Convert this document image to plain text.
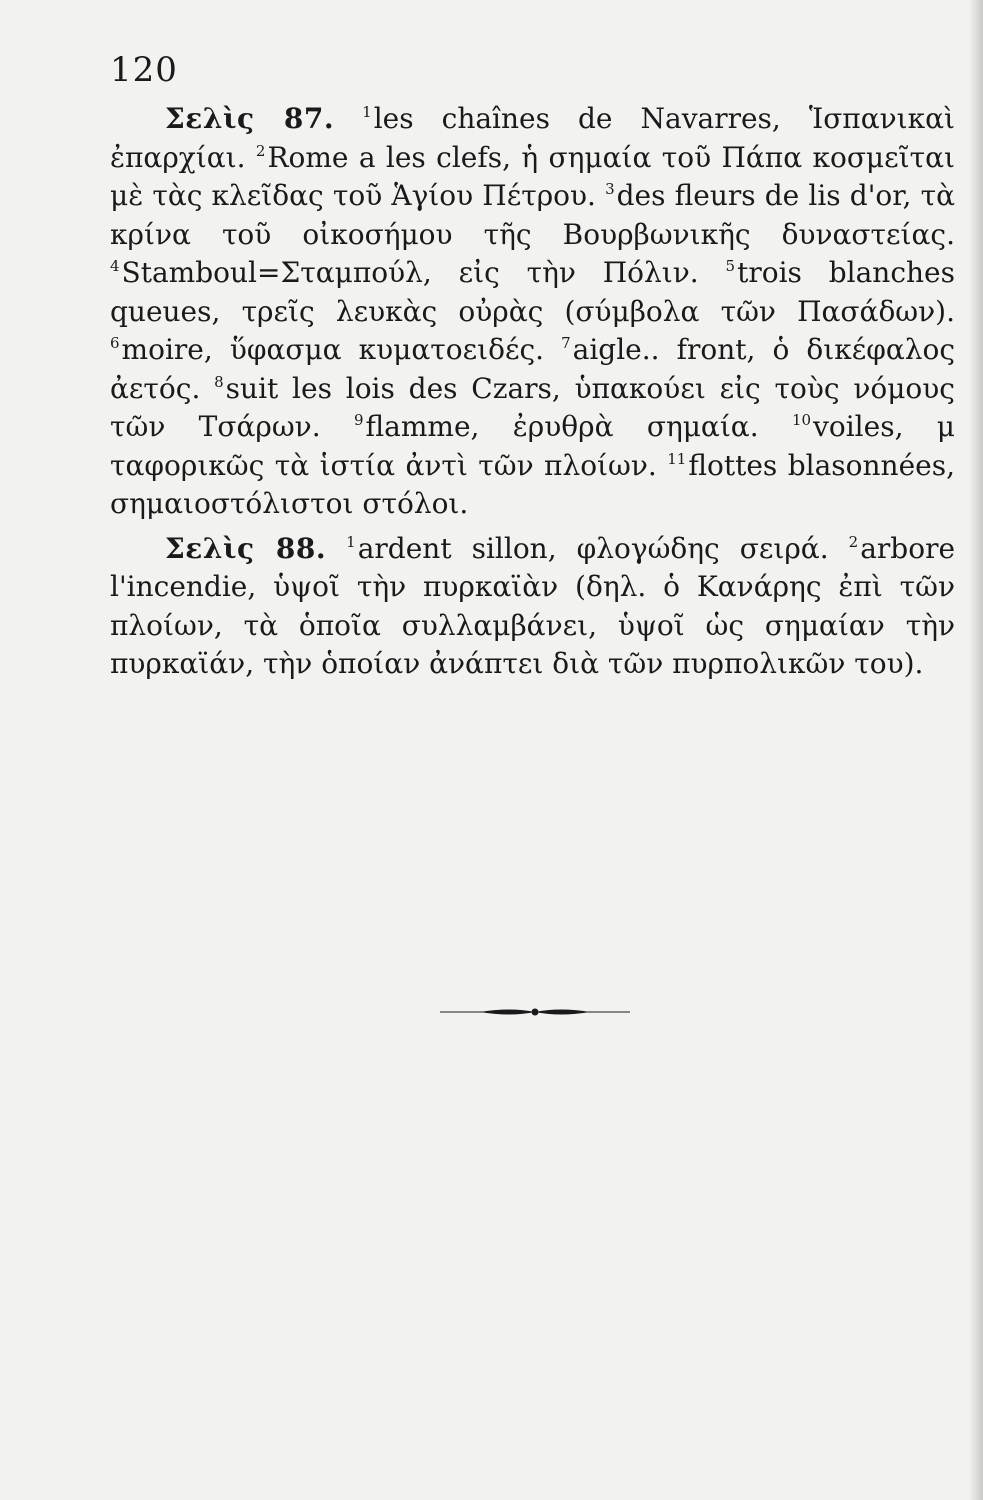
120

Σελὶς 87. $^1$les chaînes de Navarres, Ἱσπανικαὶ ἐπαρχίαι. $^2$Rome a les clefs, ἡ σημαία τοῦ Πάπα κοσμεῖται μὲ τὰς κλεῖδας τοῦ Ἁγίου Πέτρου. $^3$des fleurs de lis d'or, τὰ κρίνα τοῦ οἰκοσήμου τῆς Βουρβωνικῆς δυναστείας. $^4$Stamboul=Σταμπούλ, εἰς τὴν Πόλιν. $^5$trois blanches queues, τρεῖς λευκὰς οὐρὰς (σύμβολα τῶν Πασάδων). $^6$moire, ὕφασμα κυματοειδές. $^7$aigle.. front, ὁ δικέφαλος ἀετός. $^8$suit les lois des Czars, ὑπακούει εἰς τοὺς νόμους τῶν Τσάρων. $^9$flamme, ἐρυθρὰ σημαία. $^{10}$voiles, μ ταφορικῶς τὰ ἱστία ἀντὶ τῶν πλοίων. $^{11}$flottes blasonnées, σημαιοστόλιστοι στόλοι.

Σελὶς 88. $^1$ardent sillon, φλογώδης σειρά. $^2$arbore l'incendie, ὑψοῖ τὴν πυρκαϊὰν (δηλ. ὁ Κανάρης ἐπὶ τῶν πλοίων, τὰ ὁποῖα συλλαμβάνει, ὑψοῖ ὡς σημαίαν τὴν πυρκαϊάν, τὴν ὁποίαν ἀνάπτει διὰ τῶν πυρπολικῶν του).
